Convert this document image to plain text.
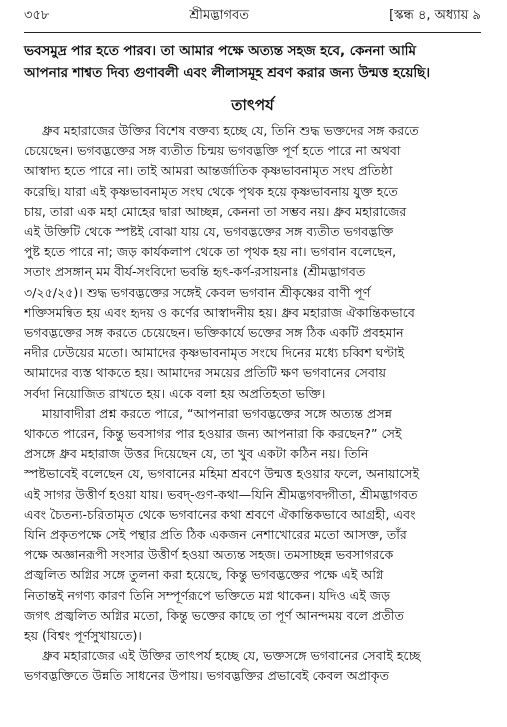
৩৫৮	শ্রীমদ্ভাগবত	[স্কন্ধ ৪, অধ্যায় ৯
ভবসমুদ্র পার হতে পারব। তা আমার পক্ষে অত্যন্ত সহজ হবে, কেননা আমি
আপনার শাশ্বত দিব্য গুণাবলী এবং লীলাসমূহ শ্রবণ করার জন্য উন্মত্ত হয়েছি।
তাৎপর্য
ধ্রুব মহারাজের উক্তির বিশেষ বক্তব্য হচ্ছে যে, তিনি শুদ্ধ ভক্তদের সঙ্গ করতে
চেয়েছেন। ভগবদ্ভক্তের সঙ্গ ব্যতীত চিন্ময় ভগবদ্ভক্তি পূর্ণ হতে পারে না অথবা
আস্বাদ্য হতে পারে না। তাই আমরা আন্তর্জাতিক কৃষ্ণভাবনামৃত সংঘ প্রতিষ্ঠা
করেছি। যারা এই কৃষ্ণভাবনামৃত সংঘ থেকে পৃথক হয়ে কৃষ্ণভাবনায় যুক্ত হতে
চায়, তারা এক মহা মোহের দ্বারা আচ্ছন্ন, কেননা তা সম্ভব নয়। ধ্রুব মহারাজের
এই উক্তিটি থেকে স্পষ্টই বোঝা যায় যে, ভগবদ্ভক্তের সঙ্গ ব্যতীত ভগবদ্ভক্তি
পুষ্ট হতে পারে না; জড় কার্যকলাপ থেকে তা পৃথক হয় না। ভগবান বলেছেন,
সতাং প্রসঙ্গান্ মম বীর্য-সংবিদো ভবন্তি হৃৎ-কর্ণ-রসায়নাঃ (শ্রীমদ্ভাগবত
৩/২৫/২৫)। শুদ্ধ ভগবদ্ভক্তের সঙ্গেই কেবল ভগবান শ্রীকৃষ্ণের বাণী পূর্ণ
শক্তিসমন্বিত হয় এবং হৃদয় ও কর্ণের আস্বাদনীয় হয়। ধ্রুব মহারাজ ঐকান্তিকভাবে
ভগবদ্ভক্তের সঙ্গ করতে চেয়েছেন। ভক্তিকার্যে ভক্তের সঙ্গ ঠিক একটি প্রবহমান
নদীর ঢেউয়ের মতো। আমাদের কৃষ্ণভাবনামৃত সংঘে দিনের মধ্যে চব্বিশ ঘণ্টাই
আমাদের ব্যস্ত থাকতে হয়। আমাদের সময়ের প্রতিটি ক্ষণ ভগবানের সেবায়
সর্বদা নিয়োজিত রাখতে হয়। একে বলা হয় অপ্রতিহতা ভক্তি।
মায়াবাদীরা প্রশ্ন করতে পারে, “আপনারা ভগবদ্ভক্তের সঙ্গে অত্যন্ত প্রসন্ন
থাকতে পারেন, কিন্তু ভবসাগর পার হওয়ার জন্য আপনারা কি করছেন?” সেই
প্রসঙ্গে ধ্রুব মহারাজ উত্তর দিয়েছেন যে, তা খুব একটা কঠিন নয়। তিনি
স্পষ্টভাবেই বলেছেন যে, ভগবানের মহিমা শ্রবণে উন্মত্ত হওয়ার ফলে, অনায়াসেই
এই সাগর উত্তীর্ণ হওয়া যায়। ভবদ্-গুণ-কথা—যিনি শ্রীমদ্ভগবদ্গীতা, শ্রীমদ্ভাগবত
এবং চৈতন্য-চরিতামৃত থেকে ভগবানের কথা শ্রবণে ঐকান্তিকভাবে আগ্রহী, এবং
যিনি প্রকৃতপক্ষে সেই পন্থার প্রতি ঠিক একজন নেশাখোরের মতো আসক্ত, তাঁর
পক্ষে অজ্ঞানরূপী সংসার উত্তীর্ণ হওয়া অত্যন্ত সহজ। তমসাচ্ছন্ন ভবসাগরকে
প্রজ্বলিত অগ্নির সঙ্গে তুলনা করা হয়েছে, কিন্তু ভগবদ্ভক্তের পক্ষে এই অগ্নি
নিতান্তই নগণ্য কারণ তিনি সম্পূর্ণরূপে ভক্তিতে মগ্ন থাকেন। যদিও এই জড়
জগৎ প্রজ্বলিত অগ্নির মতো, কিন্তু ভক্তের কাছে তা পূর্ণ আনন্দময় বলে প্রতীত
হয় (বিশ্বং পূর্ণসুখায়তে)।
ধ্রুব মহারাজের এই উক্তির তাৎপর্য হচ্ছে যে, ভক্তসঙ্গে ভগবানের সেবাই হচ্ছে
ভগবদ্ভক্তিতে উন্নতি সাধনের উপায়। ভগবদ্ভক্তির প্রভাবেই কেবল অপ্রাকৃত
